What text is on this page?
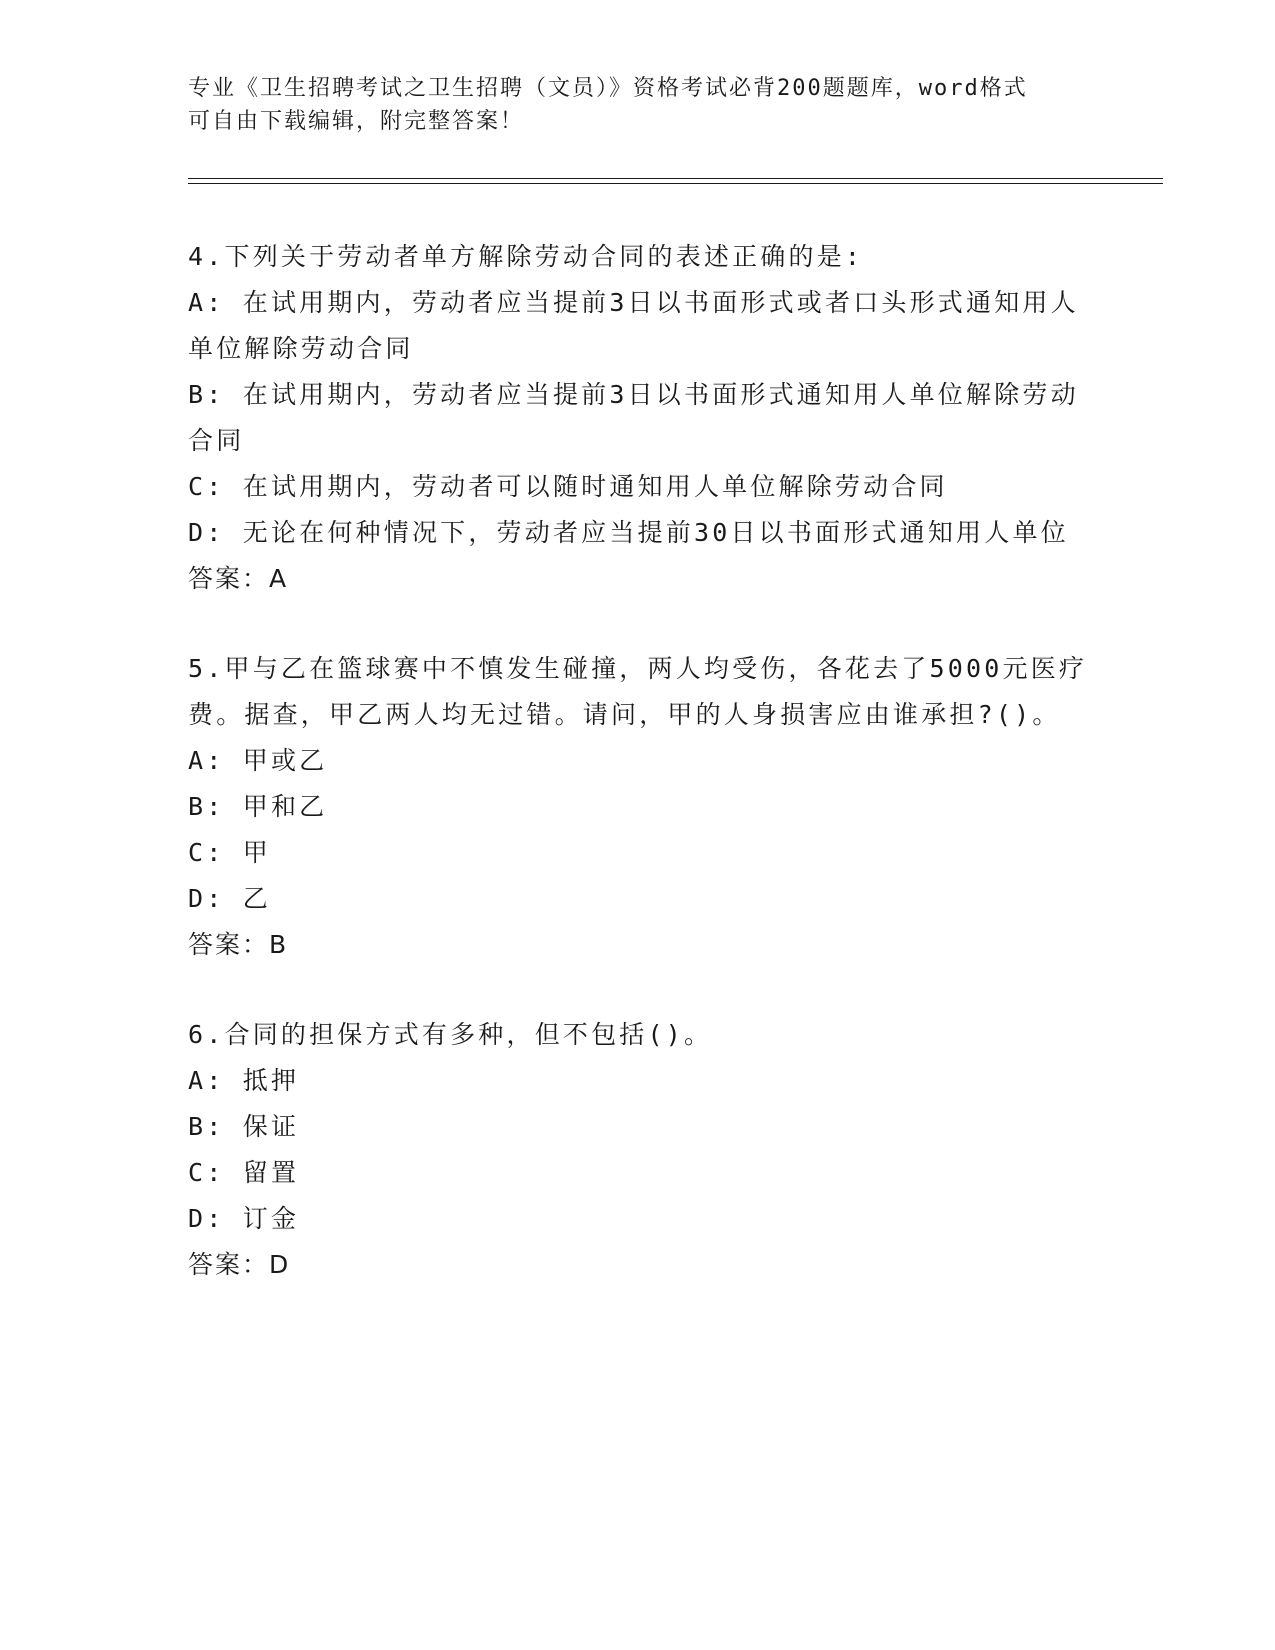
专业《卫生招聘考试之卫生招聘（文员）》资格考试必背200题题库，word格式
可自由下载编辑，附完整答案！

4.下列关于劳动者单方解除劳动合同的表述正确的是:

A: 在试用期内，劳动者应当提前3日以书面形式或者口头形式通知用人单位解除劳动合同

B: 在试用期内，劳动者应当提前3日以书面形式通知用人单位解除劳动合同

C: 在试用期内，劳动者可以随时通知用人单位解除劳动合同

D: 无论在何种情况下，劳动者应当提前30日以书面形式通知用人单位

答案：A

5.甲与乙在篮球赛中不慎发生碰撞，两人均受伤，各花去了5000元医疗费。据查，甲乙两人均无过错。请问，甲的人身损害应由谁承担?()。

A: 甲或乙

B: 甲和乙

C: 甲

D: 乙

答案：B

6.合同的担保方式有多种，但不包括()。

A: 抵押

B: 保证

C: 留置

D: 订金

答案：D
